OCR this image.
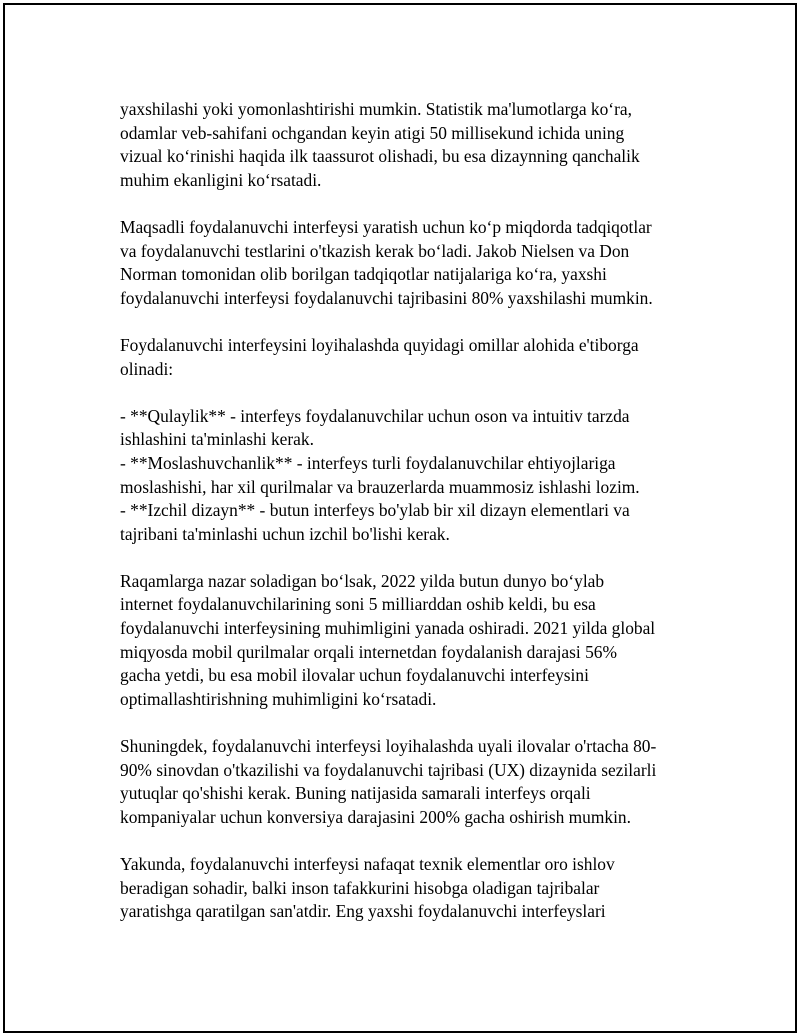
yaxshilashi yoki yomonlashtirishi mumkin. Statistik ma'lumotlarga ko‘ra,
odamlar veb-sahifani ochgandan keyin atigi 50 millisekund ichida uning
vizual ko‘rinishi haqida ilk taassurot olishadi, bu esa dizaynning qanchalik
muhim ekanligini ko‘rsatadi.

Maqsadli foydalanuvchi interfeysi yaratish uchun ko‘p miqdorda tadqiqotlar
va foydalanuvchi testlarini o'tkazish kerak bo‘ladi. Jakob Nielsen va Don
Norman tomonidan olib borilgan tadqiqotlar natijalariga ko‘ra, yaxshi
foydalanuvchi interfeysi foydalanuvchi tajribasini 80% yaxshilashi mumkin.

Foydalanuvchi interfeysini loyihalashda quyidagi omillar alohida e'tiborga
olinadi:

- **Qulaylik** - interfeys foydalanuvchilar uchun oson va intuitiv tarzda
ishlashini ta'minlashi kerak.
- **Moslashuvchanlik** - interfeys turli foydalanuvchilar ehtiyojlariga
moslashishi, har xil qurilmalar va brauzerlarda muammosiz ishlashi lozim.
- **Izchil dizayn** - butun interfeys bo'ylab bir xil dizayn elementlari va
tajribani ta'minlashi uchun izchil bo'lishi kerak.

Raqamlarga nazar soladigan bo‘lsak, 2022 yilda butun dunyo bo‘ylab
internet foydalanuvchilarining soni 5 milliarddan oshib keldi, bu esa
foydalanuvchi interfeysining muhimligini yanada oshiradi. 2021 yilda global
miqyosda mobil qurilmalar orqali internetdan foydalanish darajasi 56%
gacha yetdi, bu esa mobil ilovalar uchun foydalanuvchi interfeysini
optimallashtirishning muhimligini ko‘rsatadi.

Shuningdek, foydalanuvchi interfeysi loyihalashda uyali ilovalar o'rtacha 80-
90% sinovdan o'tkazilishi va foydalanuvchi tajribasi (UX) dizaynida sezilarli
yutuqlar qo'shishi kerak. Buning natijasida samarali interfeys orqali
kompaniyalar uchun konversiya darajasini 200% gacha oshirish mumkin.

Yakunda, foydalanuvchi interfeysi nafaqat texnik elementlar oro ishlov
beradigan sohadir, balki inson tafakkurini hisobga oladigan tajribalar
yaratishga qaratilgan san'atdir. Eng yaxshi foydalanuvchi interfeyslari
